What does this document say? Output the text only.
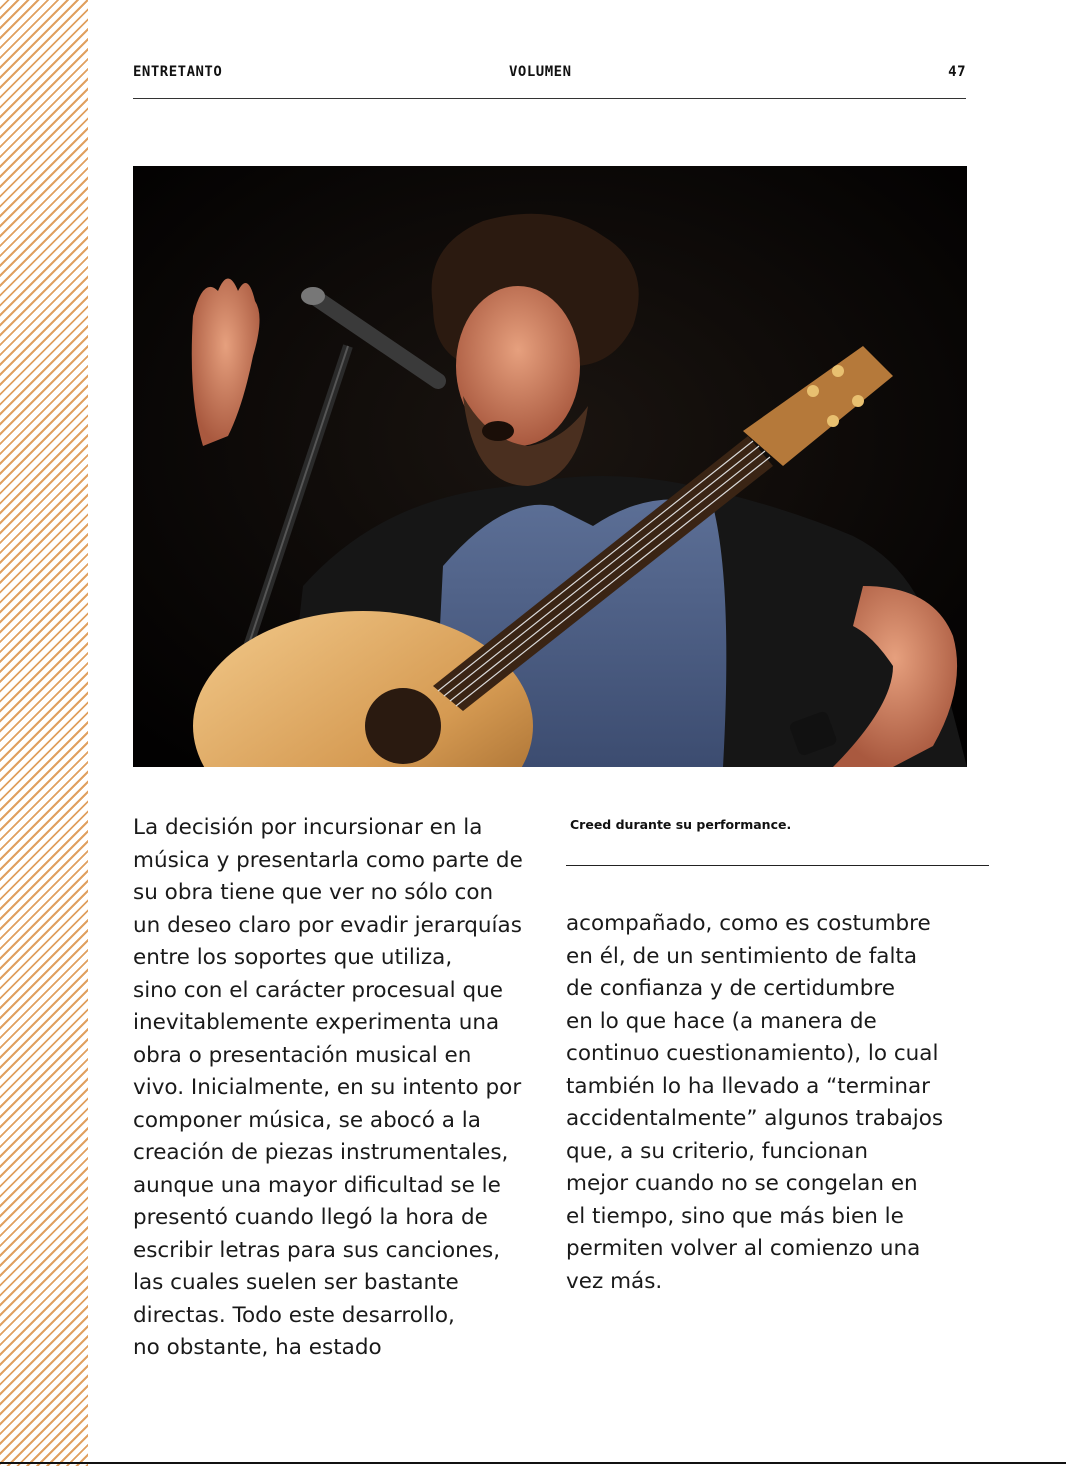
ENTRETANTO	VOLUMEN	47
La decisión por incursionar en la
música y presentarla como parte de
su obra tiene que ver no sólo con
un deseo claro por evadir jerarquías
entre los soportes que utiliza,
sino con el carácter procesual que
inevitablemente experimenta una
obra o presentación musical en
vivo. Inicialmente, en su intento por
componer música, se abocó a la
creación de piezas instrumentales,
aunque una mayor dificultad se le
presentó cuando llegó la hora de
escribir letras para sus canciones,
las cuales suelen ser bastante
directas. Todo este desarrollo,
no obstante, ha estado
Creed durante su performance.
acompañado, como es costumbre
en él, de un sentimiento de falta
de confianza y de certidumbre
en lo que hace (a manera de
continuo cuestionamiento), lo cual
también lo ha llevado a “terminar
accidentalmente” algunos trabajos
que, a su criterio, funcionan
mejor cuando no se congelan en
el tiempo, sino que más bien le
permiten volver al comienzo una
vez más.
